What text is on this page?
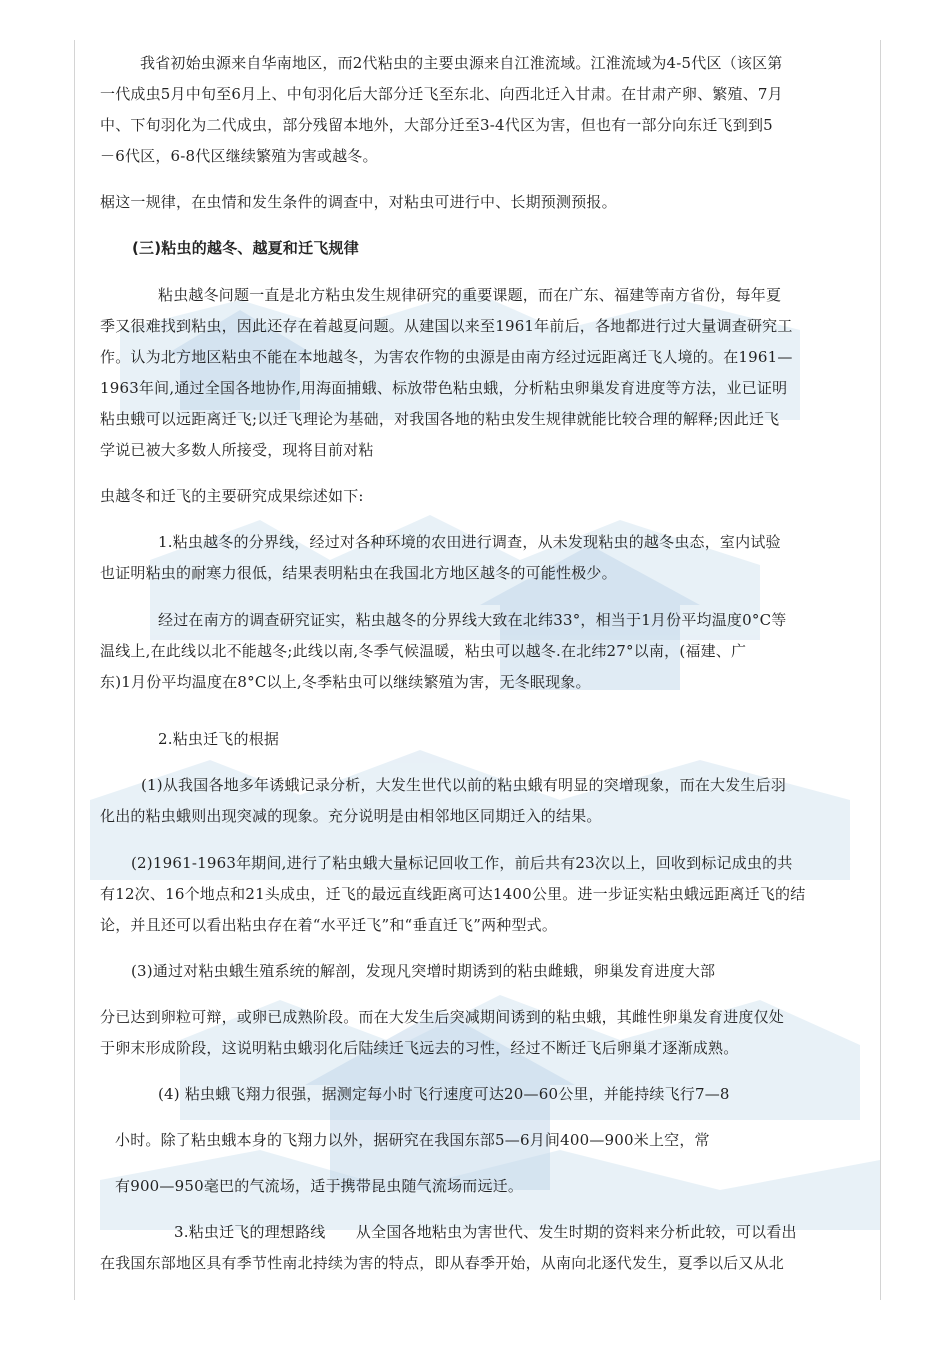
我省初始虫源来自华南地区，而2代粘虫的主要虫源来自江淮流域。江淮流域为4-5代区（该区第

一代成虫5月中旬至6月上、中旬羽化后大部分迁飞至东北、向西北迁入甘肃。在甘肃产卵、繁殖、7月

中、下旬羽化为二代成虫，部分残留本地外，大部分迁至3-4代区为害，但也有一部分向东迁飞到到5

－6代区，6-8代区继续繁殖为害或越冬。

椐这一规律，在虫情和发生条件的调查中，对粘虫可进行中、长期预测预报。

(三)粘虫的越冬、越夏和迁飞规律

粘虫越冬问题一直是北方粘虫发生规律研究的重要课题，而在广东、福建等南方省份，每年夏

季又很难找到粘虫，因此还存在着越夏问题。从建国以来至1961年前后，各地都进行过大量调查研究工

作。认为北方地区粘虫不能在本地越冬，为害农作物的虫源是由南方经过远距离迁飞人境的。在1961—

1963年间,通过全国各地协作,用海面捕蛾、标放带色粘虫蛾，分析粘虫卵巢发育进度等方法，业已证明

粘虫蛾可以远距离迁飞;以迁飞理论为基础，对我国各地的粘虫发生规律就能比较合理的解释;因此迁飞

学说已被大多数人所接受，现将目前对粘

虫越冬和迁飞的主要研究成果综述如下:

1.粘虫越冬的分界线，经过对各种环境的农田进行调查，从未发现粘虫的越冬虫态，室内试验

也证明粘虫的耐寒力很低，结果表明粘虫在我国北方地区越冬的可能性极少。

经过在南方的调查研究证实，粘虫越冬的分界线大致在北纬33°，相当于1月份平均温度0°C等

温线上,在此线以北不能越冬;此线以南,冬季气候温暖，粘虫可以越冬.在北纬27°以南，(福建、广

东)1月份平均温度在8°C以上,冬季粘虫可以继续繁殖为害，无冬眠现象。

2.粘虫迁飞的根据

(1)从我国各地多年诱蛾记录分析，大发生世代以前的粘虫蛾有明显的突增现象，而在大发生后羽

化出的粘虫蛾则出现突减的现象。充分说明是由相邻地区同期迁入的结果。

(2)1961-1963年期间,进行了粘虫蛾大量标记回收工作，前后共有23次以上，回收到标记成虫的共

有12次、16个地点和21头成虫，迁飞的最远直线距离可达1400公里。进一步证实粘虫蛾远距离迁飞的结

论，并且还可以看出粘虫存在着“水平迁飞”和“垂直迁飞”两种型式。

(3)通过对粘虫蛾生殖系统的解剖，发现凡突增时期诱到的粘虫雌蛾，卵巢发育进度大部

分已达到卵粒可辩，或卵已成熟阶段。而在大发生后突减期间诱到的粘虫蛾，其雌性卵巢发育进度仅处

于卵末形成阶段，这说明粘虫蛾羽化后陆续迁飞远去的习性，经过不断迁飞后卵巢才逐渐成熟。

(4) 粘虫蛾飞翔力很强，据测定每小时飞行速度可达20—60公里，并能持续飞行7—8

小时。除了粘虫蛾本身的飞翔力以外，据研究在我国东部5—6月间400—900米上空，常

有900—950毫巴的气流场，适于携带昆虫随气流场而远迁。

3.粘虫迁飞的理想路线　　从全国各地粘虫为害世代、发生时期的资料来分析此较，可以看出

在我国东部地区具有季节性南北持续为害的特点，即从春季开始，从南向北逐代发生，夏季以后又从北
